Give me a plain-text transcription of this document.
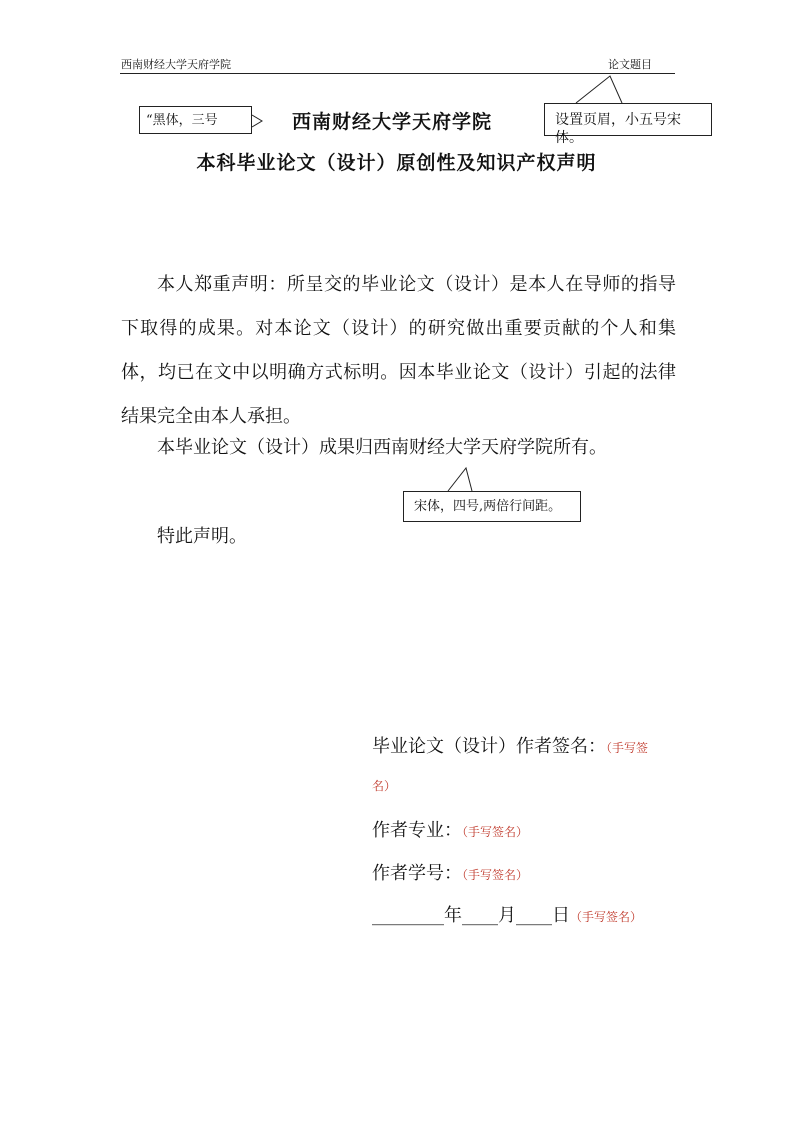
西南财经大学天府学院	论文题目
“黑体，三号	设置页眉，小五号宋体。
宋体，四号,两倍行间距。
西南财经大学天府学院
本科毕业论文（设计）原创性及知识产权声明
本人郑重声明：所呈交的毕业论文（设计）是本人在导师的指导下取得的成果。对本论文（设计）的研究做出重要贡献的个人和集体，均已在文中以明确方式标明。因本毕业论文（设计）引起的法律结果完全由本人承担。
本毕业论文（设计）成果归西南财经大学天府学院所有。
特此声明。
毕业论文（设计）作者签名：（手写签
名）
作者专业：（手写签名）
作者学号：（手写签名）
________年____月____日（手写签名）
